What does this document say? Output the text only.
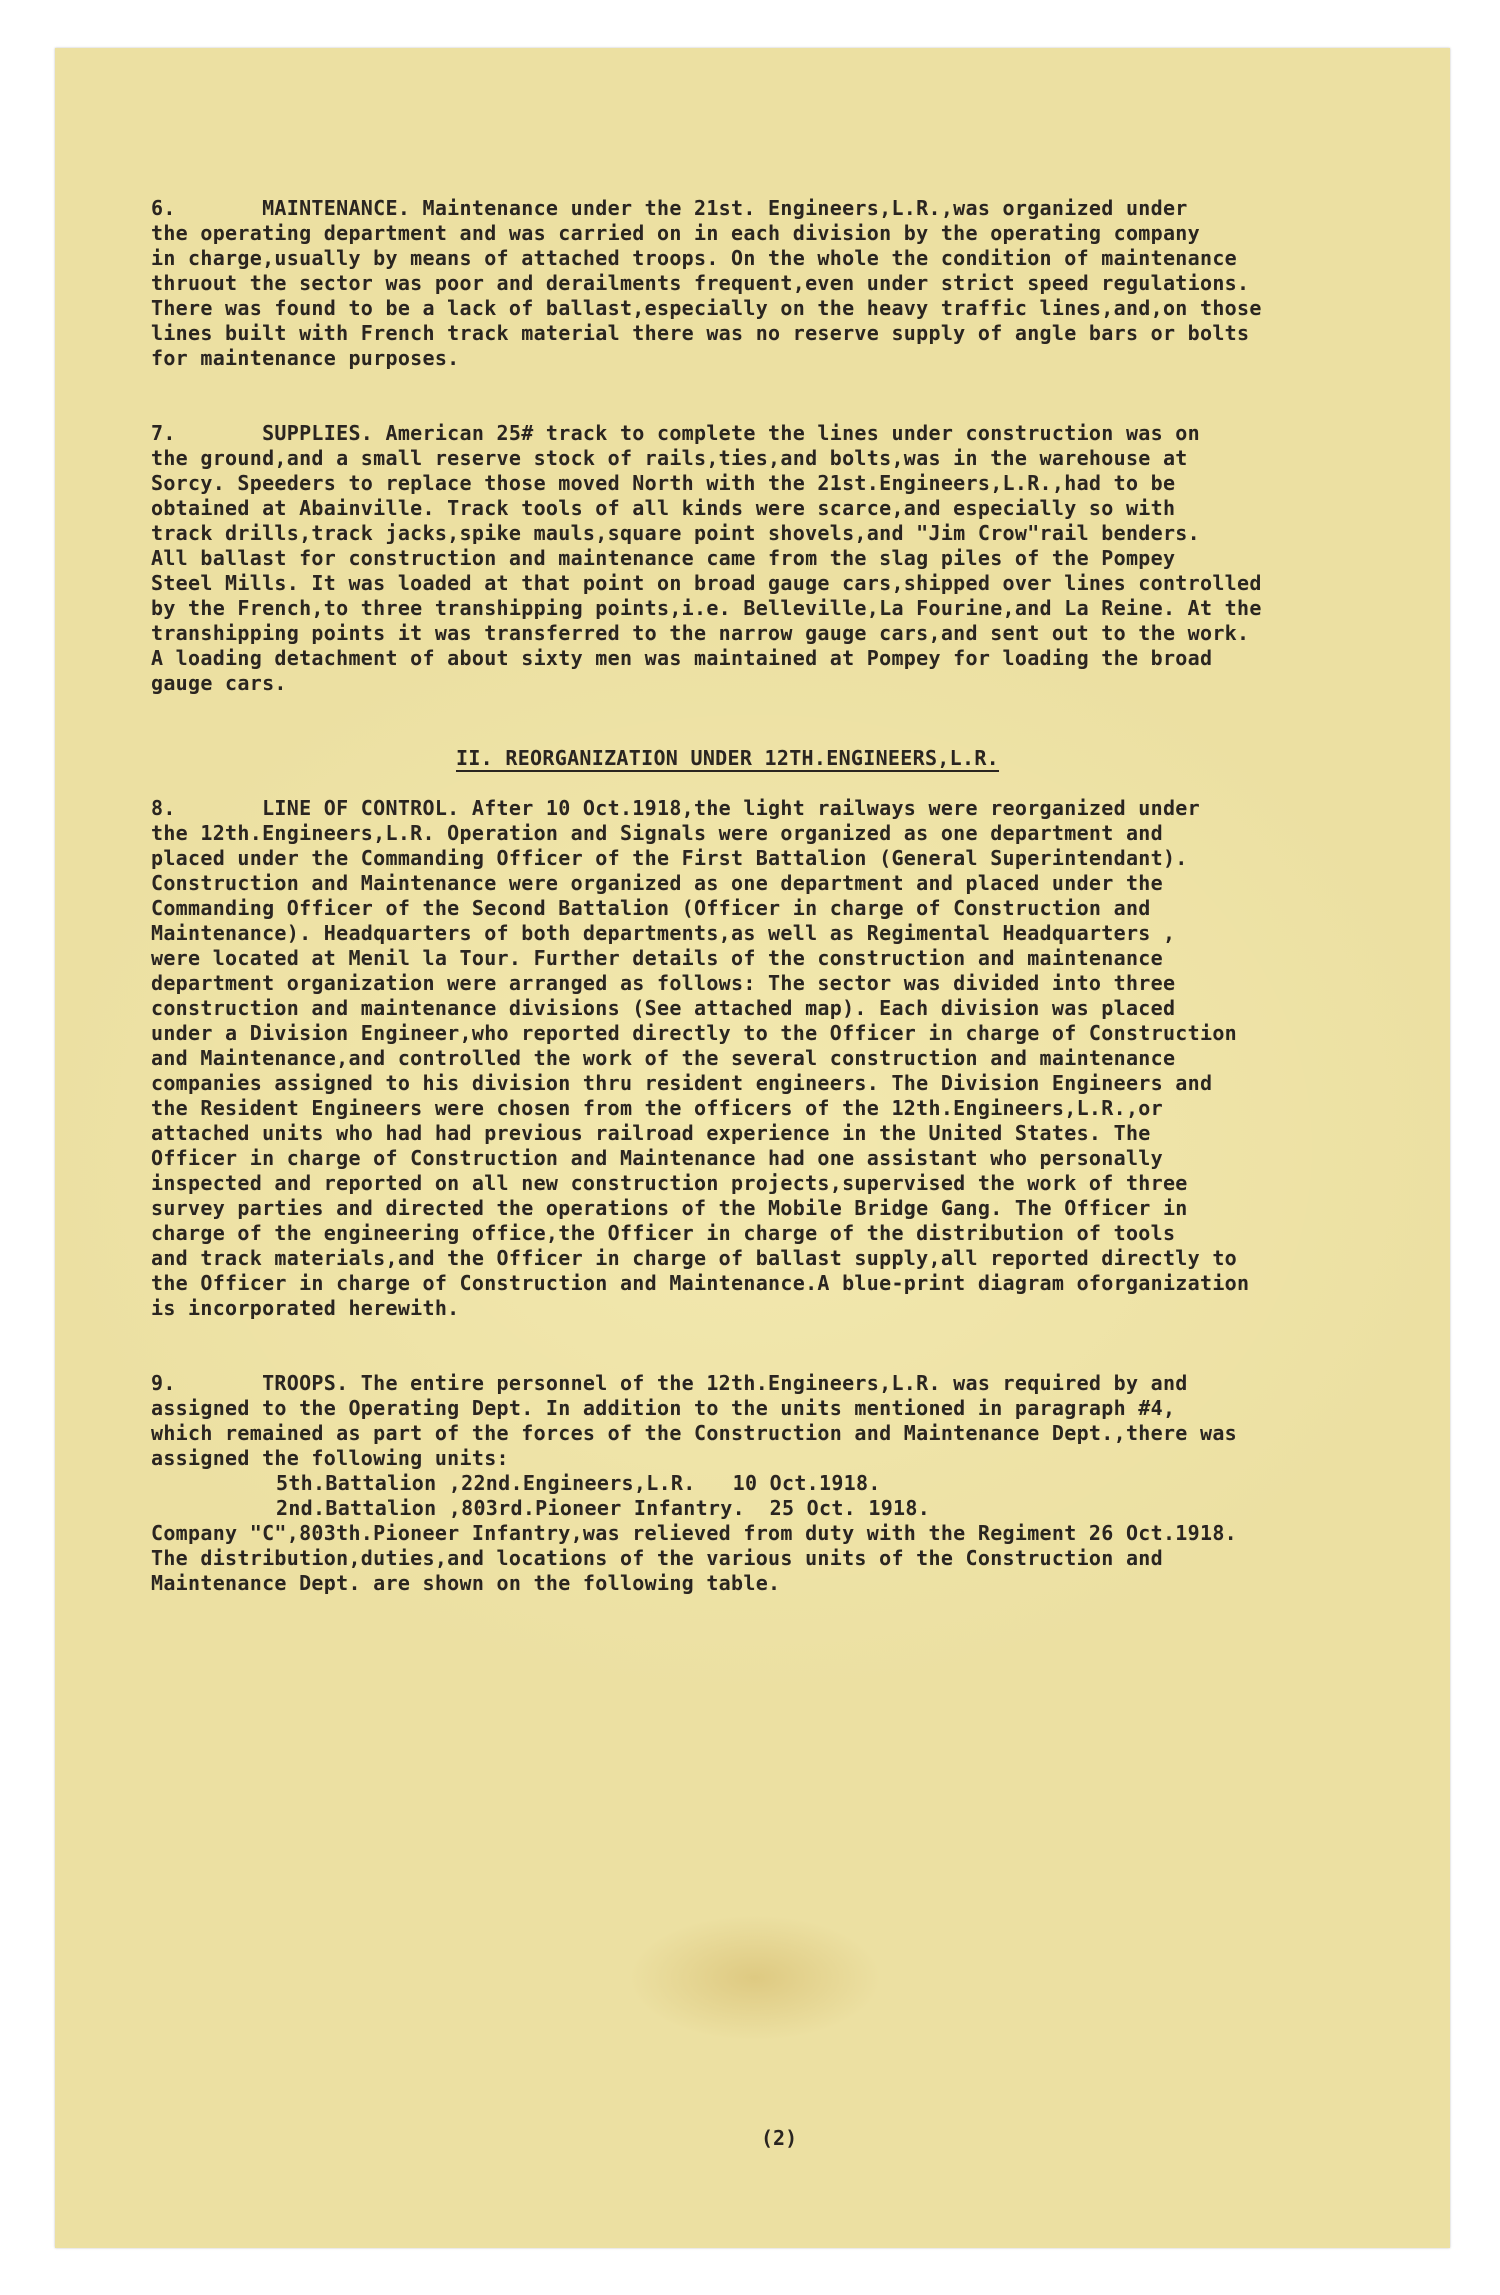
6.       MAINTENANCE. Maintenance under the 21st. Engineers,L.R.,was organized under
the operating department and was carried on in each division by the operating company
in charge,usually by means of attached troops. On the whole the condition of maintenance
thruout the sector was poor and derailments frequent,even under strict speed regulations.
There was found to be a lack of ballast,especially on the heavy traffic lines,and,on those
lines built with French track material there was no reserve supply of angle bars or bolts
for maintenance purposes.
7.       SUPPLIES. American 25# track to complete the lines under construction was on
the ground,and a small reserve stock of rails,ties,and bolts,was in the warehouse at
Sorcy. Speeders to replace those moved North with the 21st.Engineers,L.R.,had to be
obtained at Abainville. Track tools of all kinds were scarce,and especially so with
track drills,track jacks,spike mauls,square point shovels,and "Jim Crow"rail benders.
All ballast for construction and maintenance came from the slag piles of the Pompey
Steel Mills. It was loaded at that point on broad gauge cars,shipped over lines controlled
by the French,to three transhipping points,i.e. Belleville,La Fourine,and La Reine. At the
transhipping points it was transferred to the narrow gauge cars,and sent out to the work.
A loading detachment of about sixty men was maintained at Pompey for loading the broad
gauge cars.
II. REORGANIZATION UNDER 12TH.ENGINEERS,L.R.
8.       LINE OF CONTROL. After 10 Oct.1918,the light railways were reorganized under
the 12th.Engineers,L.R. Operation and Signals were organized as one department and
placed under the Commanding Officer of the First Battalion (General Superintendant).
Construction and Maintenance were organized as one department and placed under the
Commanding Officer of the Second Battalion (Officer in charge of Construction and
Maintenance). Headquarters of both departments,as well as Regimental Headquarters ,
were located at Menil la Tour. Further details of the construction and maintenance
department organization were arranged as follows: The sector was divided into three
construction and maintenance divisions (See attached map). Each division was placed
under a Division Engineer,who reported directly to the Officer in charge of Construction
and Maintenance,and controlled the work of the several construction and maintenance
companies assigned to his division thru resident engineers. The Division Engineers and
the Resident Engineers were chosen from the officers of the 12th.Engineers,L.R.,or
attached units who had had previous railroad experience in the United States. The
Officer in charge of Construction and Maintenance had one assistant who personally
inspected and reported on all new construction projects,supervised the work of three
survey parties and directed the operations of the Mobile Bridge Gang. The Officer in
charge of the engineering office,the Officer in charge of the distribution of tools
and track materials,and the Officer in charge of ballast supply,all reported directly to
the Officer in charge of Construction and Maintenance.A blue-print diagram oforganization
is incorporated herewith.
9.       TROOPS. The entire personnel of the 12th.Engineers,L.R. was required by and
assigned to the Operating Dept. In addition to the units mentioned in paragraph #4,
which remained as part of the forces of the Construction and Maintenance Dept.,there was
assigned the following units:
5th.Battalion ,22nd.Engineers,L.R.   10 Oct.1918.
2nd.Battalion ,803rd.Pioneer Infantry.  25 Oct. 1918.
Company "C",803th.Pioneer Infantry,was relieved from duty with the Regiment 26 Oct.1918.
The distribution,duties,and locations of the various units of the Construction and
Maintenance Dept. are shown on the following table.
(2)
